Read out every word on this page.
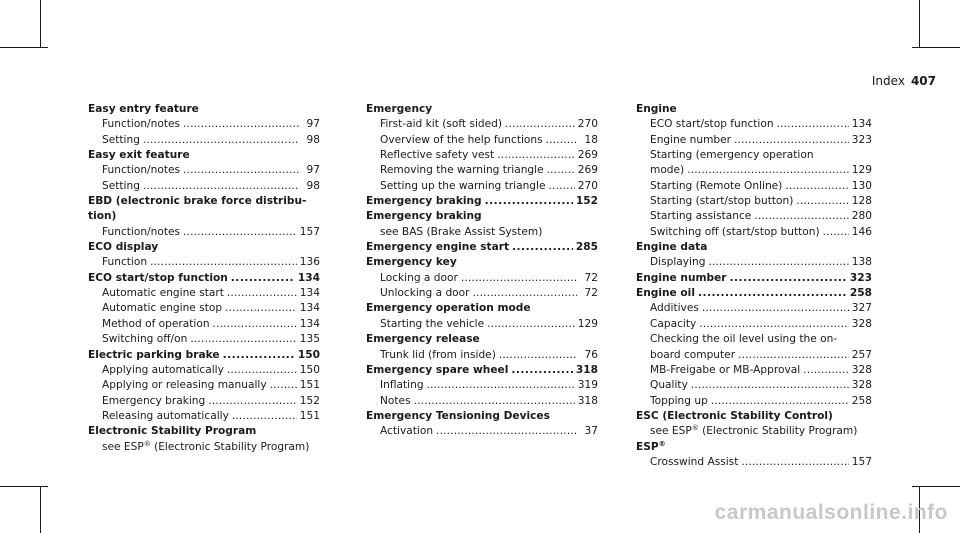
Index 407
Easy entry feature
Function/notes . . .	97
Setting . . .	98
Easy exit feature
Function/notes . . .	97
Setting . . .	98
EBD (electronic brake force distribu-
tion)
Function/notes . . .	157
ECO display
Function . . .	136
ECO start/stop function . . .	134
Automatic engine start . . .	134
Automatic engine stop . . .	134
Method of operation . . .	134
Switching off/on . . .	135
Electric parking brake . . .	150
Applying automatically . . .	150
Applying or releasing manually . . .	151
Emergency braking . . .	152
Releasing automatically . . .	151
Electronic Stability Program
see ESP® (Electronic Stability Program)
Emergency
First-aid kit (soft sided) . . .	270
Overview of the help functions . . .	18
Reflective safety vest . . .	269
Removing the warning triangle . . .	269
Setting up the warning triangle . . .	270
Emergency braking . . .	152
Emergency braking
see BAS (Brake Assist System)
Emergency engine start . . .	285
Emergency key
Locking a door . . .	72
Unlocking a door . . .	72
Emergency operation mode
Starting the vehicle . . .	129
Emergency release
Trunk lid (from inside) . . .	76
Emergency spare wheel . . .	318
Inflating . . .	319
Notes . . .	318
Emergency Tensioning Devices
Activation . . .	37
Engine
ECO start/stop function . . .	134
Engine number . . .	323
Starting (emergency operation
mode) . . .	129
Starting (Remote Online) . . .	130
Starting (start/stop button) . . .	128
Starting assistance . . .	280
Switching off (start/stop button) . . .	146
Engine data
Displaying . . .	138
Engine number . . .	323
Engine oil . . .	258
Additives . . .	327
Capacity . . .	328
Checking the oil level using the on-
board computer . . .	257
MB-Freigabe or MB-Approval . . .	328
Quality . . .	328
Topping up . . .	258
ESC (Electronic Stability Control)
see ESP® (Electronic Stability Program)
ESP®
Crosswind Assist . . .	157
carmanualsonline.info
